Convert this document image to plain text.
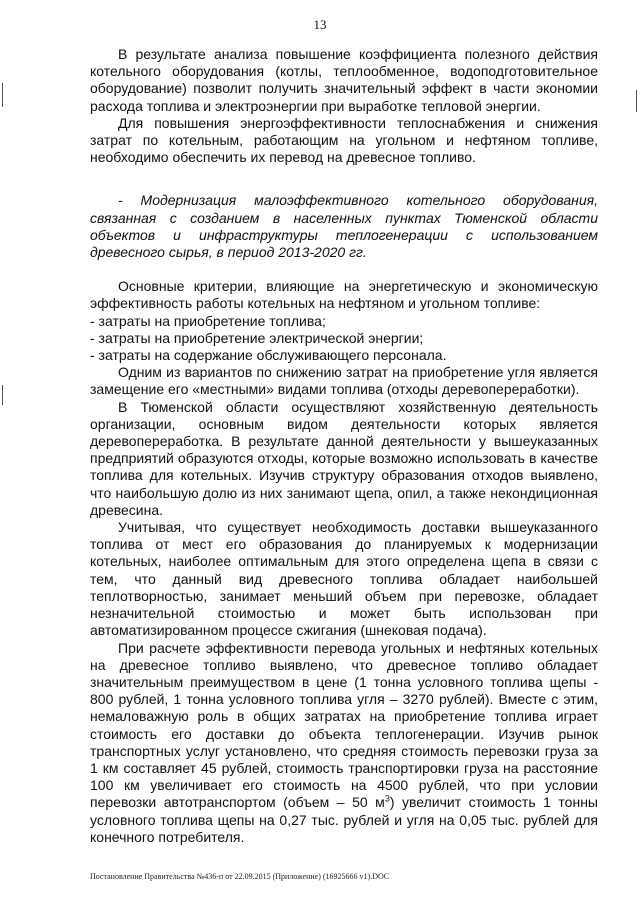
13

В результате анализа повышение коэффициента полезного действия котельного оборудования (котлы, теплообменное, водоподготовительное оборудование) позволит получить значительный эффект в части экономии расхода топлива и электроэнергии при выработке тепловой энергии.

Для повышения энергоэффективности теплоснабжения и снижения затрат по котельным, работающим на угольном и нефтяном топливе, необходимо обеспечить их перевод на древесное топливо.

- Модернизация малоэффективного котельного оборудования, связанная с созданием в населенных пунктах Тюменской области объектов и инфраструктуры теплогенерации с использованием древесного сырья, в период 2013-2020 гг.

Основные критерии, влияющие на энергетическую и экономическую эффективность работы котельных на нефтяном и угольном топливе:

- затраты на приобретение топлива;

- затраты на приобретение электрической энергии;

- затраты на содержание обслуживающего персонала.

Одним из вариантов по снижению затрат на приобретение угля является замещение его «местными» видами топлива (отходы деревопереработки).

В Тюменской области осуществляют хозяйственную деятельность организации, основным видом деятельности которых является деревопереработка. В результате данной деятельности у вышеуказанных предприятий образуются отходы, которые возможно использовать в качестве топлива для котельных. Изучив структуру образования отходов выявлено, что наибольшую долю из них занимают щепа, опил, а также некондиционная древесина.

Учитывая, что существует необходимость доставки вышеуказанного топлива от мест его образования до планируемых к модернизации котельных, наиболее оптимальным для этого определена щепа в связи с тем, что данный вид древесного топлива обладает наибольшей теплотворностью, занимает меньший объем при перевозке, обладает незначительной стоимостью и может быть использован при автоматизированном процессе сжигания (шнековая подача).

При расчете эффективности перевода угольных и нефтяных котельных на древесное топливо выявлено, что древесное топливо обладает значительным преимуществом в цене (1 тонна условного топлива щепы - 800 рублей, 1 тонна условного топлива угля – 3270 рублей). Вместе с этим, немаловажную роль в общих затратах на приобретение топлива играет стоимость его доставки до объекта теплогенерации. Изучив рынок транспортных услуг установлено, что средняя стоимость перевозки груза за 1 км составляет 45 рублей, стоимость транспортировки груза на расстояние 100 км увеличивает его стоимость на 4500 рублей, что при условии перевозки автотранспортом (объем – 50 $м^3$) увеличит стоимость 1 тонны условного топлива щепы на 0,27 тыс. рублей и угля на 0,05 тыс. рублей для конечного потребителя.

Постановление Правительства №436-п от 22.09.2015 (Приложение) (16925666 v1).DOC
